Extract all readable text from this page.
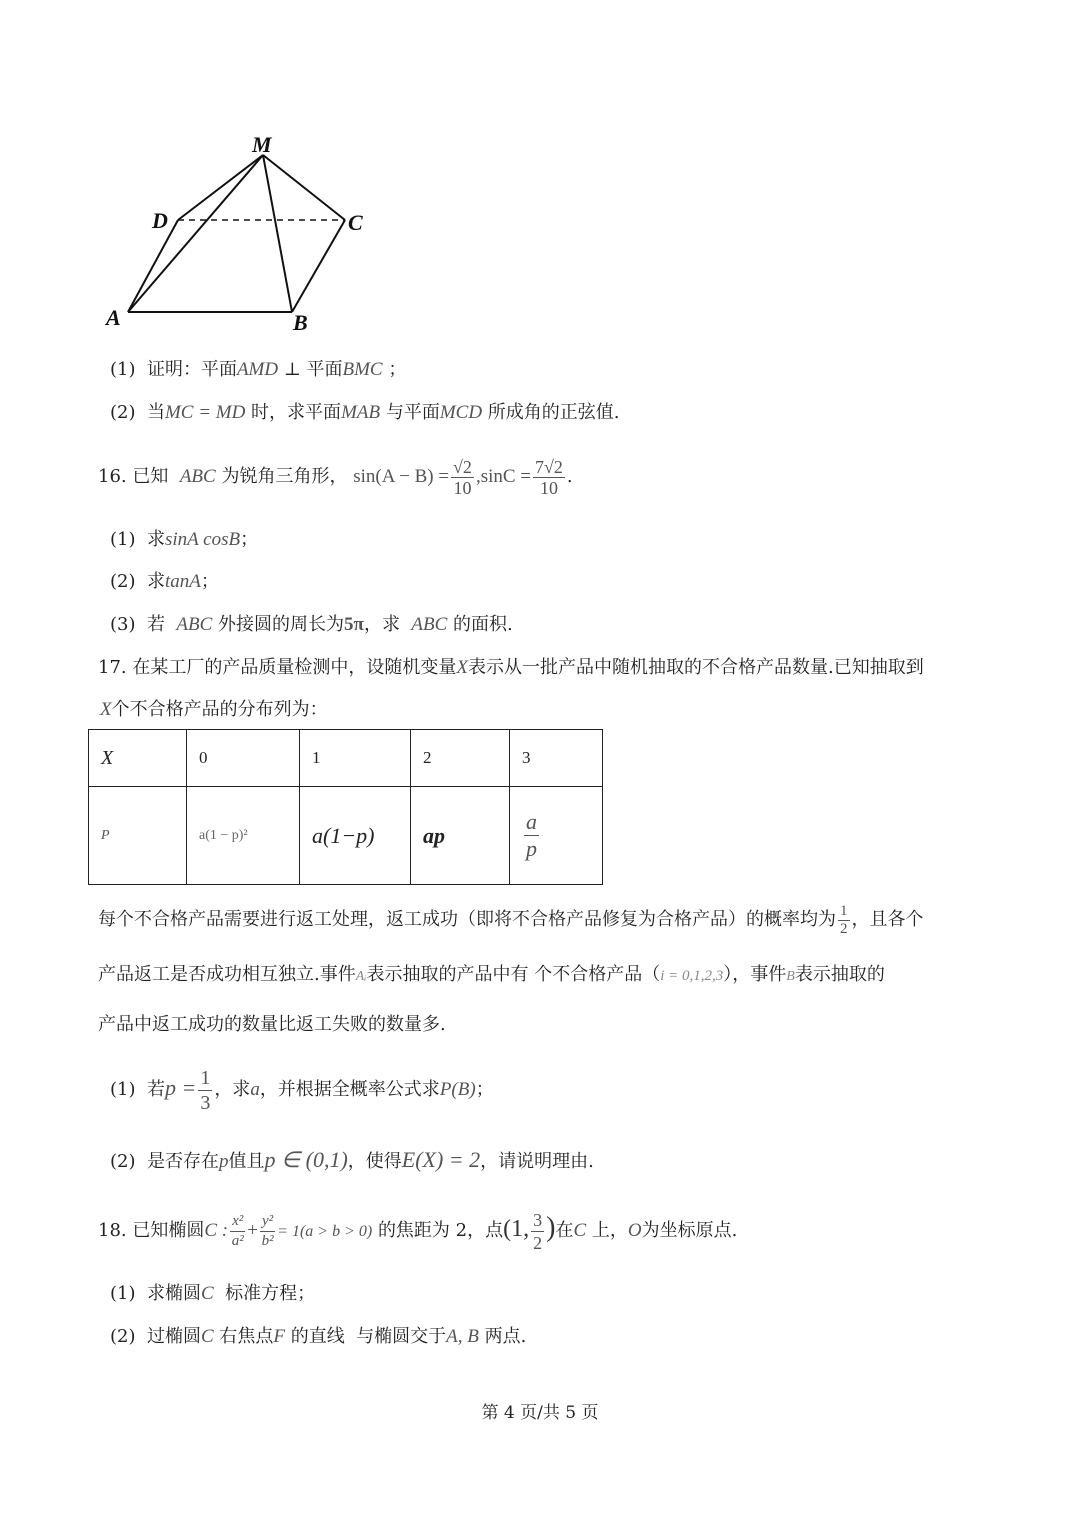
M
D	C
A	B
(1) 证明：平面AMD ⊥ 平面BMC ；
(2) 当MC = MD 时，求平面MAB 与平面MCD 所成角的正弦值.
16. 已知 ABC 为锐角三角形， $\sin(A - B) = \frac{√2}{10} ,\sin C = \frac{7√2}{10}$ .
(1) 求sinA cosB；
(2) 求tanA；
(3) 若 ABC 外接圆的周长为5π，求 ABC 的面积.
17. 在某工厂的产品质量检测中，设随机变量X表示从一批产品中随机抽取的不合格产品数量.已知抽取到
X个不合格产品的分布列为：
X	0	1	2	3
P	a(1 − p)²	a(1−p)	ap	$\frac{a}{p}$
每个不合格产品需要进行返工处理，返工成功（即将不合格产品修复为合格产品）的概率均为 $\frac{1}{2}$ ，且各个
产品返工是否成功相互独立.事件Aᵢ表示抽取的产品中有 个不合格产品（i = 0,1,2,3），事件B表示抽取的
产品中返工成功的数量比返工失败的数量多.
(1) 若$p = \frac{1}{3}$ ，求a，并根据全概率公式求P(B)；
(2) 是否存在p值且p ∈ (0,1)，使得E(X) = 2，请说明理由.
18. 已知椭圆C : $\frac{\text{x²}}{\text{a²}} + \frac{\text{y²}}{\text{b²}} = 1(a > b > 0)$ 的焦距为 2，点(1, $\frac{3}{2}$ )在C 上，O为坐标原点.
(1) 求椭圆C  标准方程；
(2) 过椭圆C 右焦点F 的直线  与椭圆交于A, B 两点.
第 4 页/共 5 页
